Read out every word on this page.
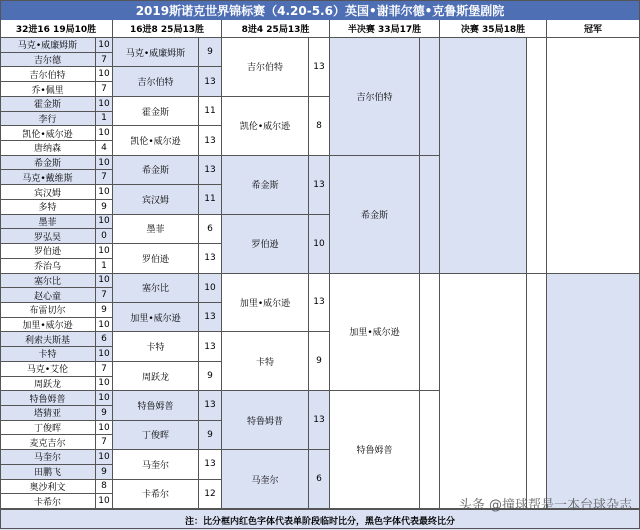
32进16 19局10胜	16进8 25局13胜	8进4 25局13胜	半决赛 33局17胜	决赛 35局18胜	冠军
马克•威廉姆斯	10
吉尔德	7
吉尔伯特	10
乔•佩里	7
霍金斯	10
李行	1
凯伦•威尔逊	10
唐纳森	4
希金斯	10
马克•戴维斯	7
宾汉姆	10
多特	9
墨菲	10
罗弘昊	0
罗伯逊	10
乔治乌	1
塞尔比	10
赵心童	7
布雷切尔	9
加里•威尔逊	10
利索夫斯基	6
卡特	10
马克•艾伦	7
周跃龙	10
特鲁姆普	10
塔猜亚	9
丁俊晖	10
麦克吉尔	7
马奎尔	10
田鹏飞	9
奥沙利文	8
卡希尔	10
马克•威廉姆斯	9
吉尔伯特	13
霍金斯	11
凯伦•威尔逊	13
希金斯	13
宾汉姆	11
墨菲	6
罗伯逊	13
塞尔比	10
加里•威尔逊	13
卡特	13
周跃龙	9
特鲁姆普	13
丁俊晖	9
马奎尔	13
卡希尔	12
吉尔伯特	13
凯伦•威尔逊	8
希金斯	13
罗伯逊	10
加里•威尔逊	13
卡特	9
特鲁姆普	13
马奎尔	6
吉尔伯特
希金斯
加里•威尔逊
特鲁姆普
2019斯诺克世界锦标赛（4.20-5.6）英国•谢菲尔德•克鲁斯堡剧院
注：比分框内红色字体代表单阶段临时比分，黑色字体代表最终比分
头条 @撞球帮是一本台球杂志
